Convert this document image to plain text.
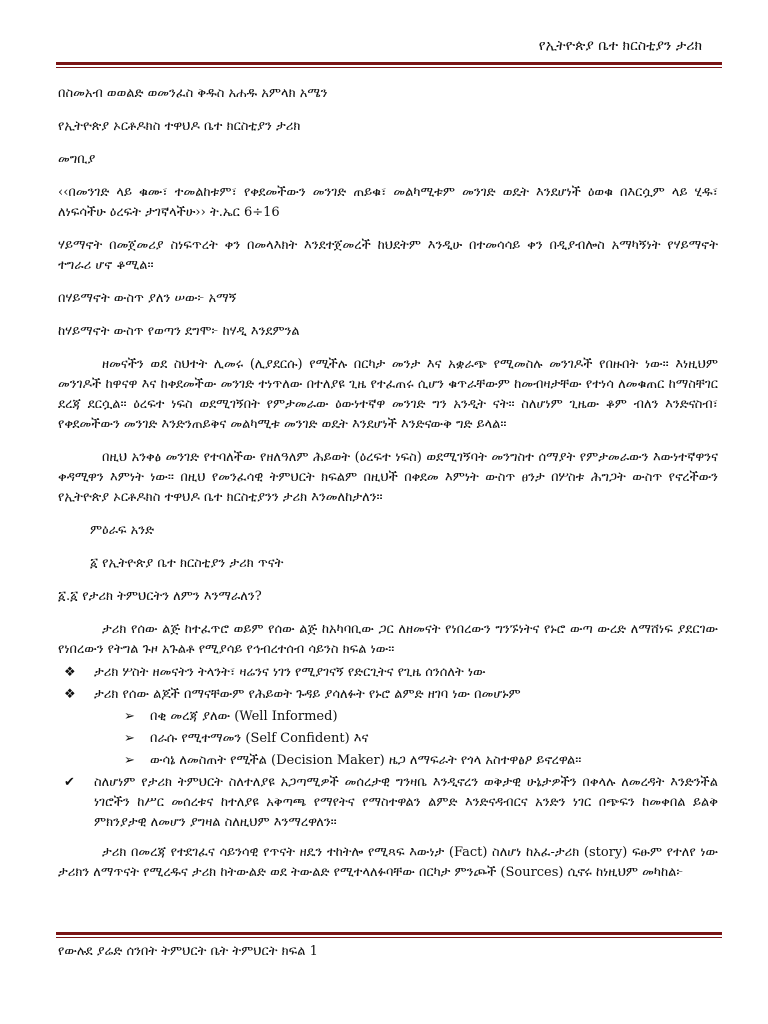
የኢትዮጵያ ቤተ ክርስቲያን ታሪክ

በስመአብ ወወልድ ወመንፈስ ቅዱስ አሐዱ አምላክ አሜን

የኢትዮጵያ ኦርቶዶክስ ተዋህዶ ቤተ ክርስቲያን ታሪክ

መግቢያ

‹‹በመንገድ ላይ ቁሙ፣ ተመልከቱም፣ የቀደመችውን መንገድ ጠይቁ፣ መልካሚቱም መንገድ ወዴት እንደሆነች ዕወቁ በእርሷም ላይ ሂዱ፣ ለነፍሳችሁ ዕረፍት ታገኛላችሁ›› ት.ኤር 6÷16

ሃይማኖት በመጀመሪያ ስነፍጥረት ቀን በመላእክት እንደተጀመረች ከህደትም እንዲሁ በተመሳሳይ ቀን በዲያብሎስ አማካኝነት የሃይማኖት ተግራሪ ሆኖ ቆሚል።

በሃይማኖት ውስጥ ያለን ሠው፦ አማኝ

ከሃይማኖት ውስጥ የወጣን ደግሞ፦ ከሃዲ እንደምንል

ዘመናችን ወደ ስህተት ሊመሩ (ሊያደርሱ) የሚችሉ በርካታ መንታ እና አቋራጭ የሚመስሉ መንገዶች የበዙበት ነው። እነዚህም መንገዶች ከዋናዋ እና ከቀደመችው መንገድ ተነጥለው በተለያዩ ጊዜ የተፈጠሩ ሲሆን ቁጥራቸውም ከመብዛታቸው የተነሳ ለመቁጠር ከማስቸገር ደረጃ ደርሷል። ዕረፍተ ነፍስ ወደሚገኝበት የምታመራው ዕውነተኛዋ መንገድ ግን አንዲት ናት። ስለሆነም ጊዜው ቆም ብለን እንድናስብ፣ የቀደመችውን መንገድ እንድንጠይቅና መልካሚቱ መንገድ ወዴት እንደሆነች እንድናውቅ ግድ ይላል።

በዚህ አንቀፅ መንገድ የተባለችው የዘለዓለም ሕይወት (ዕረፍተ ነፍስ) ወደሚገኝባት መንግስተ ሰማያት የምታመራውን እውነተኛዋንና ቀዳሚዋን እምነት ነው። በዚህ የመንፈሳዊ ትምህርት ክፍልም በዚህች በቀደመ እምነት ውስጥ ፀንታ በሦስቱ ሕግጋት ውስጥ የኖረችውን የኢትዮጵያ ኦርቶዶክስ ተዋህዶ ቤተ ክርስቲያንን ታሪክ እንመለከታለን።

ምዕራፍ አንድ

፩ የኢትዮጵያ ቤተ ክርስቲያን ታሪክ ጥናት

፩.፩ የታሪክ ትምህርትን ለምን እንማራለን?

ታሪክ የሰው ልጅ ከተፈጥሮ ወይም የሰው ልጅ ከአካባቢው ጋር ለዘመናት የነበረውን ግንኙነትና የኑሮ ውጣ ውረድ ለማሸነፍ ያደርገው የነበረውን የትግል ጉዞ አጉልቶ የሚያሳይ የኅብረተሰብ ሳይንስ ክፍል ነው።

❖ ታሪክ ሦስት ዘመናትን ትላንት፣ ዛሬንና ነገን የሚያገናኝ የድርጊትና የጊዜ ሰንሰለት ነው
❖ ታሪክ የሰው ልጆች በማናቸውም የሕይወት ጉዳይ ያሳለፉት የኑሮ ልምድ ዘገባ ነው በመሆኑም
➢ በቂ መረጃ ያለው (Well Informed)
➢ በራሱ የሚተማመን (Self Confident) እና
➢ ውሳኔ ለመስጠት የሚችል (Decision Maker) ዜጋ ለማፍራት የጎላ አስተዋፅዖ ይኖረዋል።
✔ ስለሆነም የታሪክ ትምህርት ስለተለያዩ አጋጣሚዎች መሰረታዊ ግንዛቤ እንዲኖረን ወቅታዊ ሁኔታዎችን በቀላሉ ለመረዳት እንድንችል ነገሮችን ከሥር መሰረቱና ከተለያዩ አቅጣጫ የማየትና የማስተዋልን ልምድ እንድናዳብርና አንድን ነገር በጭፍን ከመቀበል ይልቅ ምክንያታዊ ለመሆን ያግዛል ስለዚህም እንማረዋለን።

ታሪክ በመረጃ የተደገፈና ሳይንሳዊ የጥናት ዘዴን ተከትሎ የሚጻፍ እውነታ (Fact) ስለሆነ ከአፈ-ታሪክ (story) ፍፁም የተለየ ነው ታሪክን ለማጥናት የሚረዱና ታሪክ ከትውልድ ወደ ትውልድ የሚተላለፉባቸው በርካታ ምንጮች (Sources) ሲኖሩ ከነዚህም መካከል፦

የውሉደ ያሬድ ሰንበት ትምህርት ቤት ትምህርት ክፍል 1
